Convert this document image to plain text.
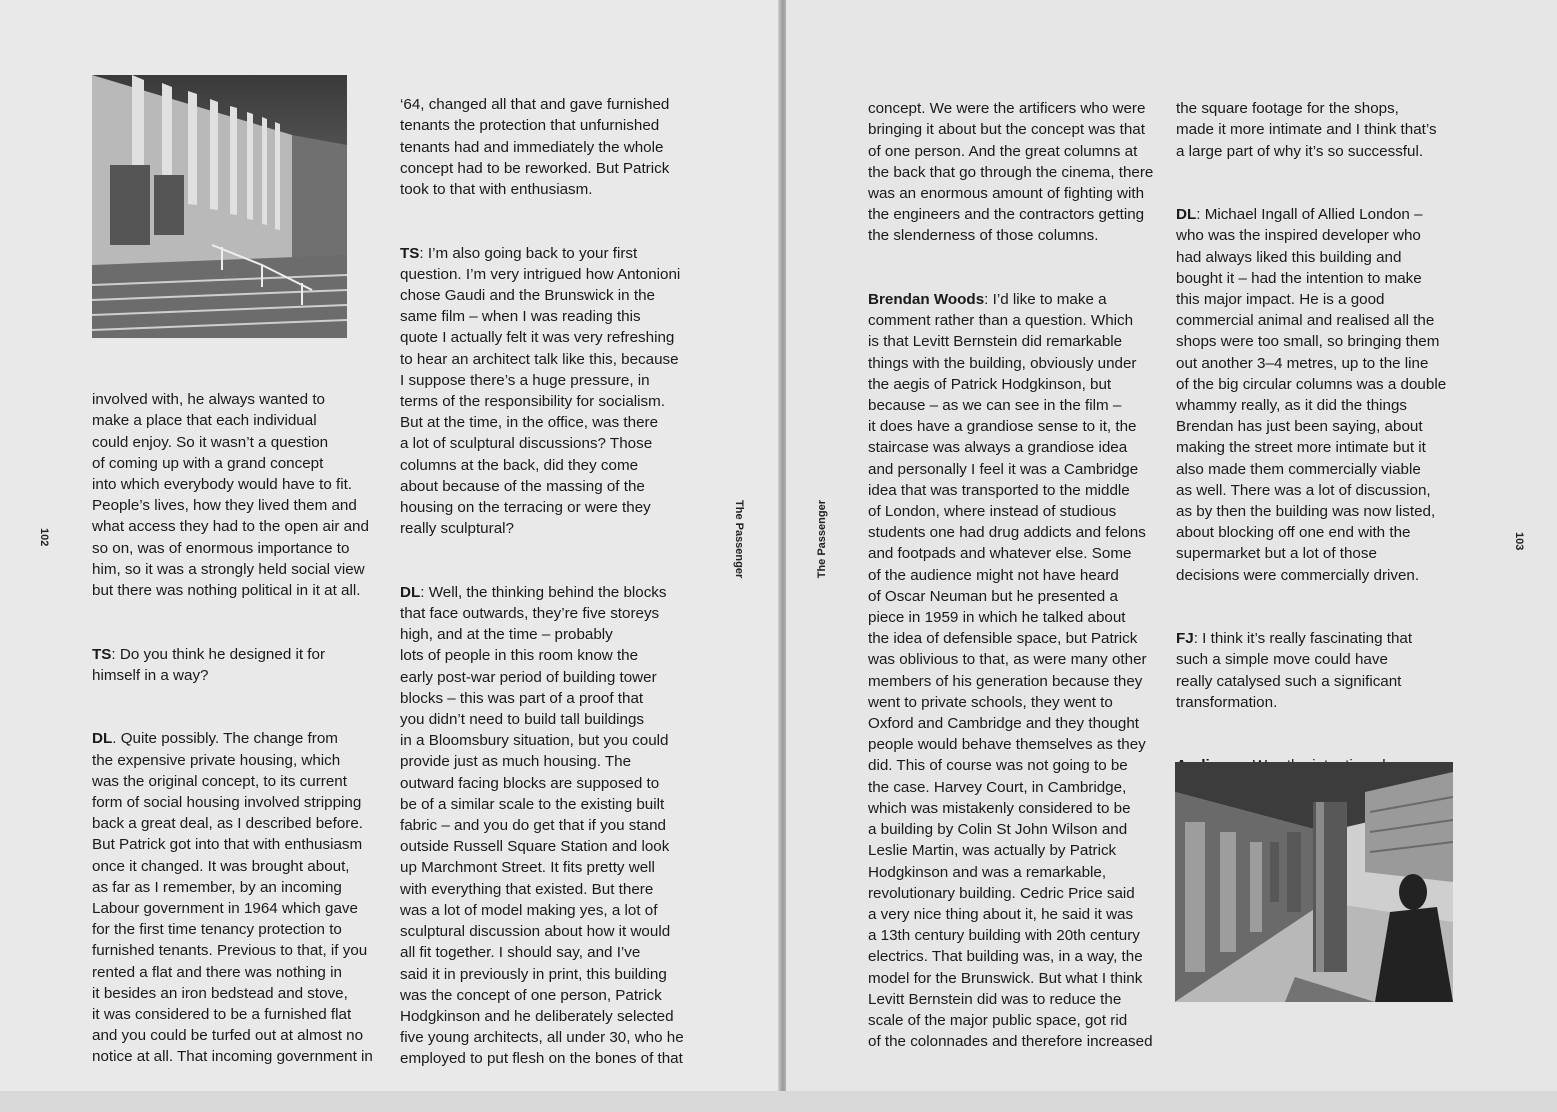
involved with, he always wanted to
make a place that each individual
could enjoy. So it wasn’t a question
of coming up with a grand concept
into which everybody would have to fit.
People’s lives, how they lived them and
what access they had to the open air and
so on, was of enormous importance to
him, so it was a strongly held social view
but there was nothing political in it at all.

TS: Do you think he designed it for
himself in a way?

DL. Quite possibly. The change from
the expensive private housing, which
was the original concept, to its current
form of social housing involved stripping
back a great deal, as I described before.
But Patrick got into that with enthusiasm
once it changed. It was brought about,
as far as I remember, by an incoming
Labour government in 1964 which gave
for the first time tenancy protection to
furnished tenants. Previous to that, if you
rented a flat and there was nothing in
it besides an iron bedstead and stove,
it was considered to be a furnished flat
and you could be turfed out at almost no
notice at all. That incoming government in

‘64, changed all that and gave furnished
tenants the protection that unfurnished
tenants had and immediately the whole
concept had to be reworked. But Patrick
took to that with enthusiasm.

TS: I’m also going back to your first
question. I’m very intrigued how Antonioni
chose Gaudi and the Brunswick in the
same film – when I was reading this
quote I actually felt it was very refreshing
to hear an architect talk like this, because
I suppose there’s a huge pressure, in
terms of the responsibility for socialism.
But at the time, in the office, was there
a lot of sculptural discussions? Those
columns at the back, did they come
about because of the massing of the
housing on the terracing or were they
really sculptural?

DL: Well, the thinking behind the blocks
that face outwards, they’re five storeys
high, and at the time – probably
lots of people in this room know the
early post-war period of building tower
blocks – this was part of a proof that
you didn’t need to build tall buildings
in a Bloomsbury situation, but you could
provide just as much housing. The
outward facing blocks are supposed to
be of a similar scale to the existing built
fabric – and you do get that if you stand
outside Russell Square Station and look
up Marchmont Street. It fits pretty well
with everything that existed. But there
was a lot of model making yes, a lot of
sculptural discussion about how it would
all fit together. I should say, and I’ve
said it in previously in print, this building
was the concept of one person, Patrick
Hodgkinson and he deliberately selected
five young architects, all under 30, who he
employed to put flesh on the bones of that

102	The Passenger	The Passenger

concept. We were the artificers who were
bringing it about but the concept was that
of one person. And the great columns at
the back that go through the cinema, there
was an enormous amount of fighting with
the engineers and the contractors getting
the slenderness of those columns.

Brendan Woods: I’d like to make a
comment rather than a question. Which
is that Levitt Bernstein did remarkable
things with the building, obviously under
the aegis of Patrick Hodgkinson, but
because – as we can see in the film –
it does have a grandiose sense to it, the
staircase was always a grandiose idea
and personally I feel it was a Cambridge
idea that was transported to the middle
of London, where instead of studious
students one had drug addicts and felons
and footpads and whatever else. Some
of the audience might not have heard
of Oscar Neuman but he presented a
piece in 1959 in which he talked about
the idea of defensible space, but Patrick
was oblivious to that, as were many other
members of his generation because they
went to private schools, they went to
Oxford and Cambridge and they thought
people would behave themselves as they
did. This of course was not going to be
the case. Harvey Court, in Cambridge,
which was mistakenly considered to be
a building by Colin St John Wilson and
Leslie Martin, was actually by Patrick
Hodgkinson and was a remarkable,
revolutionary building. Cedric Price said
a very nice thing about it, he said it was
a 13th century building with 20th century
electrics. That building was, in a way, the
model for the Brunswick. But what I think
Levitt Bernstein did was to reduce the
scale of the major public space, got rid
of the colonnades and therefore increased

the square footage for the shops,
made it more intimate and I think that’s
a large part of why it’s so successful.

DL: Michael Ingall of Allied London –
who was the inspired developer who
had always liked this building and
bought it – had the intention to make
this major impact. He is a good
commercial animal and realised all the
shops were too small, so bringing them
out another 3–4 metres, up to the line
of the big circular columns was a double
whammy really, as it did the things
Brendan has just been saying, about
making the street more intimate but it
also made them commercially viable
as well. There was a lot of discussion,
as by then the building was now listed,
about blocking off one end with the
supermarket but a lot of those
decisions were commercially driven.

FJ: I think it’s really fascinating that
such a simple move could have
really catalysed such a significant
transformation.

103
